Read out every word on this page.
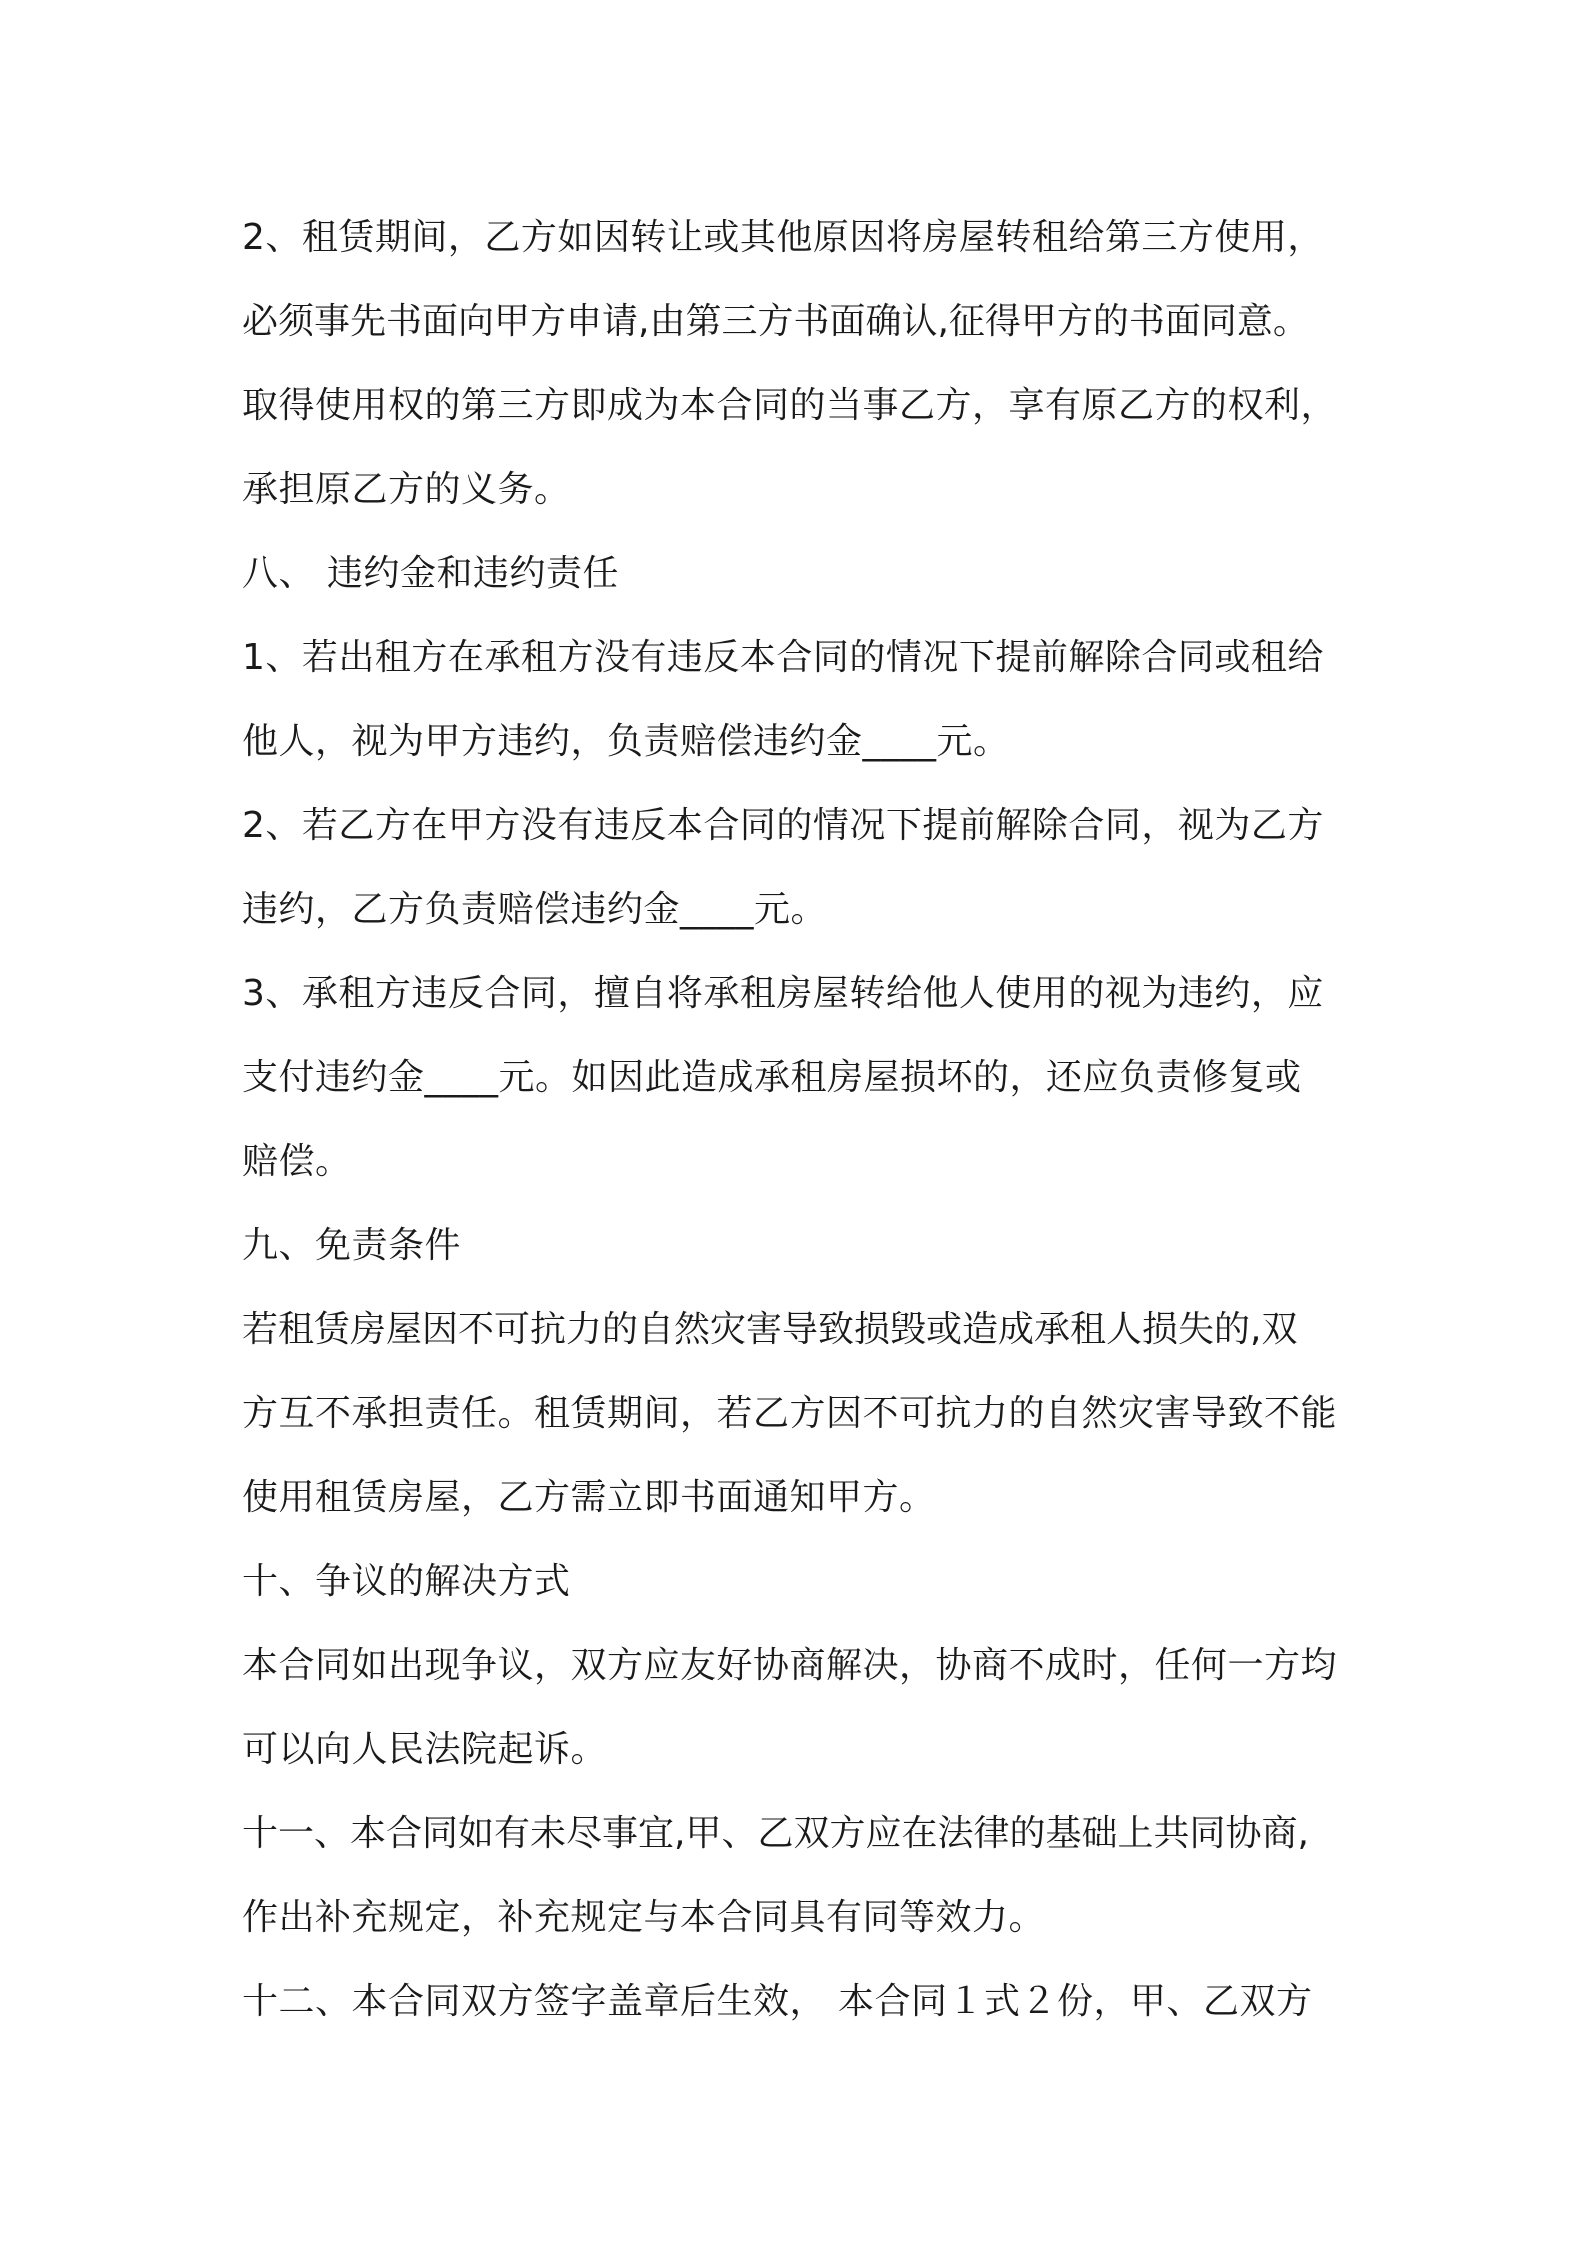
2、租赁期间，乙方如因转让或其他原因将房屋转租给第三方使用，
必须事先书面向甲方申请,由第三方书面确认,征得甲方的书面同意。
取得使用权的第三方即成为本合同的当事乙方，享有原乙方的权利，
承担原乙方的义务。
八、 违约金和违约责任
1、若出租方在承租方没有违反本合同的情况下提前解除合同或租给
他人，视为甲方违约，负责赔偿违约金____元。
2、若乙方在甲方没有违反本合同的情况下提前解除合同，视为乙方
违约，乙方负责赔偿违约金____元。
3、承租方违反合同，擅自将承租房屋转给他人使用的视为违约，应
支付违约金____元。如因此造成承租房屋损坏的，还应负责修复或
赔偿。
九、免责条件
若租赁房屋因不可抗力的自然灾害导致损毁或造成承租人损失的,双
方互不承担责任。租赁期间，若乙方因不可抗力的自然灾害导致不能
使用租赁房屋，乙方需立即书面通知甲方。
十、争议的解决方式
本合同如出现争议，双方应友好协商解决，协商不成时，任何一方均
可以向人民法院起诉。
十一、本合同如有未尽事宜,甲、乙双方应在法律的基础上共同协商,
作出补充规定，补充规定与本合同具有同等效力。
十二、本合同双方签字盖章后生效， 本合同１式２份，甲、乙双方
